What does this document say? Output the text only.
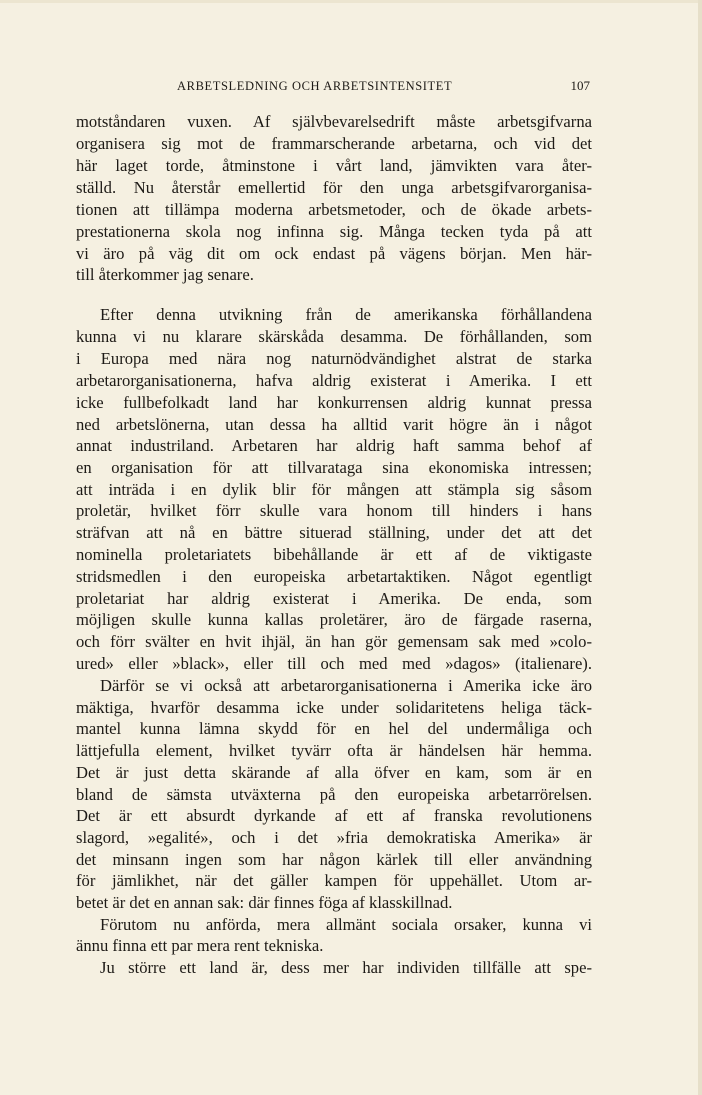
ARBETSLEDNING OCH ARBETSINTENSITET	107
motståndaren vuxen. Af självbevarelsedrift måste arbetsgifvarna
organisera sig mot de frammarscherande arbetarna, och vid det
här laget torde, åtminstone i vårt land, jämvikten vara åter-
ställd. Nu återstår emellertid för den unga arbetsgifvarorganisa-
tionen att tillämpa moderna arbetsmetoder, och de ökade arbets-
prestationerna skola nog infinna sig. Många tecken tyda på att
vi äro på väg dit om ock endast på vägens början. Men här-
till återkommer jag senare.
Efter denna utvikning från de amerikanska förhållandena
kunna vi nu klarare skärskåda desamma. De förhållanden, som
i Europa med nära nog naturnödvändighet alstrat de starka
arbetarorganisationerna, hafva aldrig existerat i Amerika. I ett
icke fullbefolkadt land har konkurrensen aldrig kunnat pressa
ned arbetslönerna, utan dessa ha alltid varit högre än i något
annat industriland. Arbetaren har aldrig haft samma behof af
en organisation för att tillvarataga sina ekonomiska intressen;
att inträda i en dylik blir för mången att stämpla sig såsom
proletär, hvilket förr skulle vara honom till hinders i hans
sträfvan att nå en bättre situerad ställning, under det att det
nominella proletariatets bibehållande är ett af de viktigaste
stridsmedlen i den europeiska arbetartaktiken. Något egentligt
proletariat har aldrig existerat i Amerika. De enda, som
möjligen skulle kunna kallas proletärer, äro de färgade raserna,
och förr svälter en hvit ihjäl, än han gör gemensam sak med »colo-
ured» eller »black», eller till och med med »dagos» (italienare).
Därför se vi också att arbetarorganisationerna i Amerika icke äro
mäktiga, hvarför desamma icke under solidaritetens heliga täck-
mantel kunna lämna skydd för en hel del undermåliga och
lättjefulla element, hvilket tyvärr ofta är händelsen här hemma.
Det är just detta skärande af alla öfver en kam, som är en
bland de sämsta utväxterna på den europeiska arbetarrörelsen.
Det är ett absurdt dyrkande af ett af franska revolutionens
slagord, »egalité», och i det »fria demokratiska Amerika» är
det minsann ingen som har någon kärlek till eller användning
för jämlikhet, när det gäller kampen för uppehället. Utom ar-
betet är det en annan sak: där finnes föga af klasskillnad.
Förutom nu anförda, mera allmänt sociala orsaker, kunna vi
ännu finna ett par mera rent tekniska.
Ju större ett land är, dess mer har individen tillfälle att spe-
